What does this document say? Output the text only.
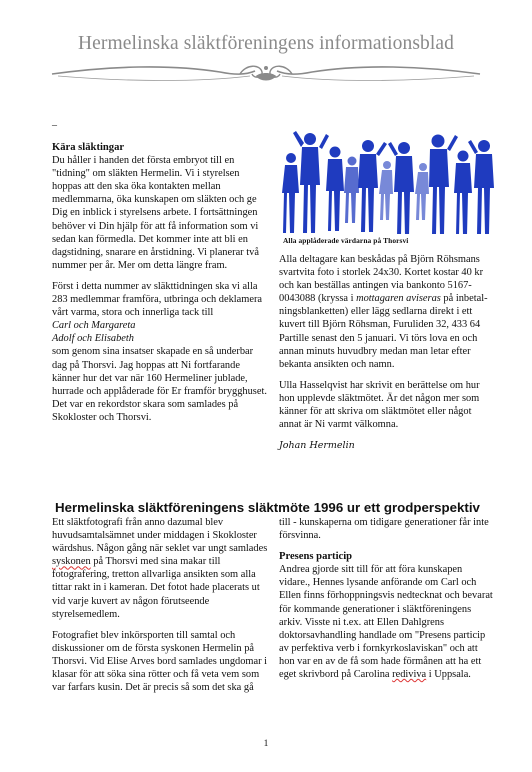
Hermelinska släktföreningens informationsblad
–
Kära släktingar

Du håller i handen det första embryot till en "tidning" om släkten Hermelin. Vi i styrelsen hoppas att den ska öka kontakten mellan medlemmarna, öka kunskapen om släkten och ge Dig en inblick i styrelsens arbete. I fortsättningen behöver vi Din hjälp för att få information som vi sedan kan förmedla. Det kommer inte att bli en dagstidning, snarare en årstidning. Vi planerar två nummer per år. Mer om detta längre fram.

Först i detta nummer av släkttidningen ska vi alla 283 medlemmar framföra, utbringa och deklamera vårt varma, stora och innerliga tack till
Carl och Margareta
Adolf och Elisabeth
som genom sina insatser skapade en så underbar dag på Thorsvi. Jag hoppas att Ni fortfarande känner hur det var när 160 Hermeliner jublade, hurrade och applåderade för Er framför brygghuset. Det var en rekordstor skara som samlades på Skokloster och Thorsvi.
Alla applåderade värdarna på Thorsvi

Alla deltagare kan beskådas på Björn Röhsmans svartvita foto i storlek 24x30. Kortet kostar 40 kr och kan beställas antingen via bankonto 5167-0043088 (kryssa i mottagaren aviseras på inbetalningsblanketten) eller lägg sedlarna direkt i ett kuvert till Björn Röhsman, Furuliden 32, 433 64 Partille senast den 5 januari. Vi törs lova en och annan minuts huvudbry medan man letar efter bekanta ansikten och namn.

Ulla Hasselqvist har skrivit en berättelse om hur hon upplevde släktmötet. Är det någon mer som känner för att skriva om släktmötet eller något annat är Ni varmt välkomna.

Johan Hermelin

Hermelinska släktföreningens släktmöte 1996 ur ett grodperspektiv

Ett släktfotografi från anno dazumal blev huvudsamtalsämnet under middagen i Skokloster wärdshus. Någon gång när seklet var ungt samlades syskonen på Thorsvi med sina makar till fotografering, tretton allvarliga ansikten som alla tittar rakt in i kameran. Det fotot hade placerats ut vid varje kuvert av någon förutseende styrelsemedlem.

Fotografiet blev inkörsporten till samtal och diskussioner om de första syskonen Hermelin på Thorsvi. Vid Elise Arves bord samlades ungdomar i klasar för att söka sina rötter och få veta vem som var farfars kusin. Det är precis så som det ska gå

till - kunskaperna om tidigare generationer får inte försvinna.

Presens particip

Andrea gjorde sitt till för att föra kunskapen vidare., Hennes lysande anförande om Carl och Ellen finns förhoppningsvis nedtecknat och bevarat för kommande generationer i släktföreningens arkiv. Visste ni t.ex. att Ellen Dahlgrens doktorsavhandling handlade om "Presens particip av perfektiva verb i fornkyrkoslaviskan" och att hon var en av de få som hade förmånen att ha ett eget skrivbord på Carolina rediviva i Uppsala.

1
